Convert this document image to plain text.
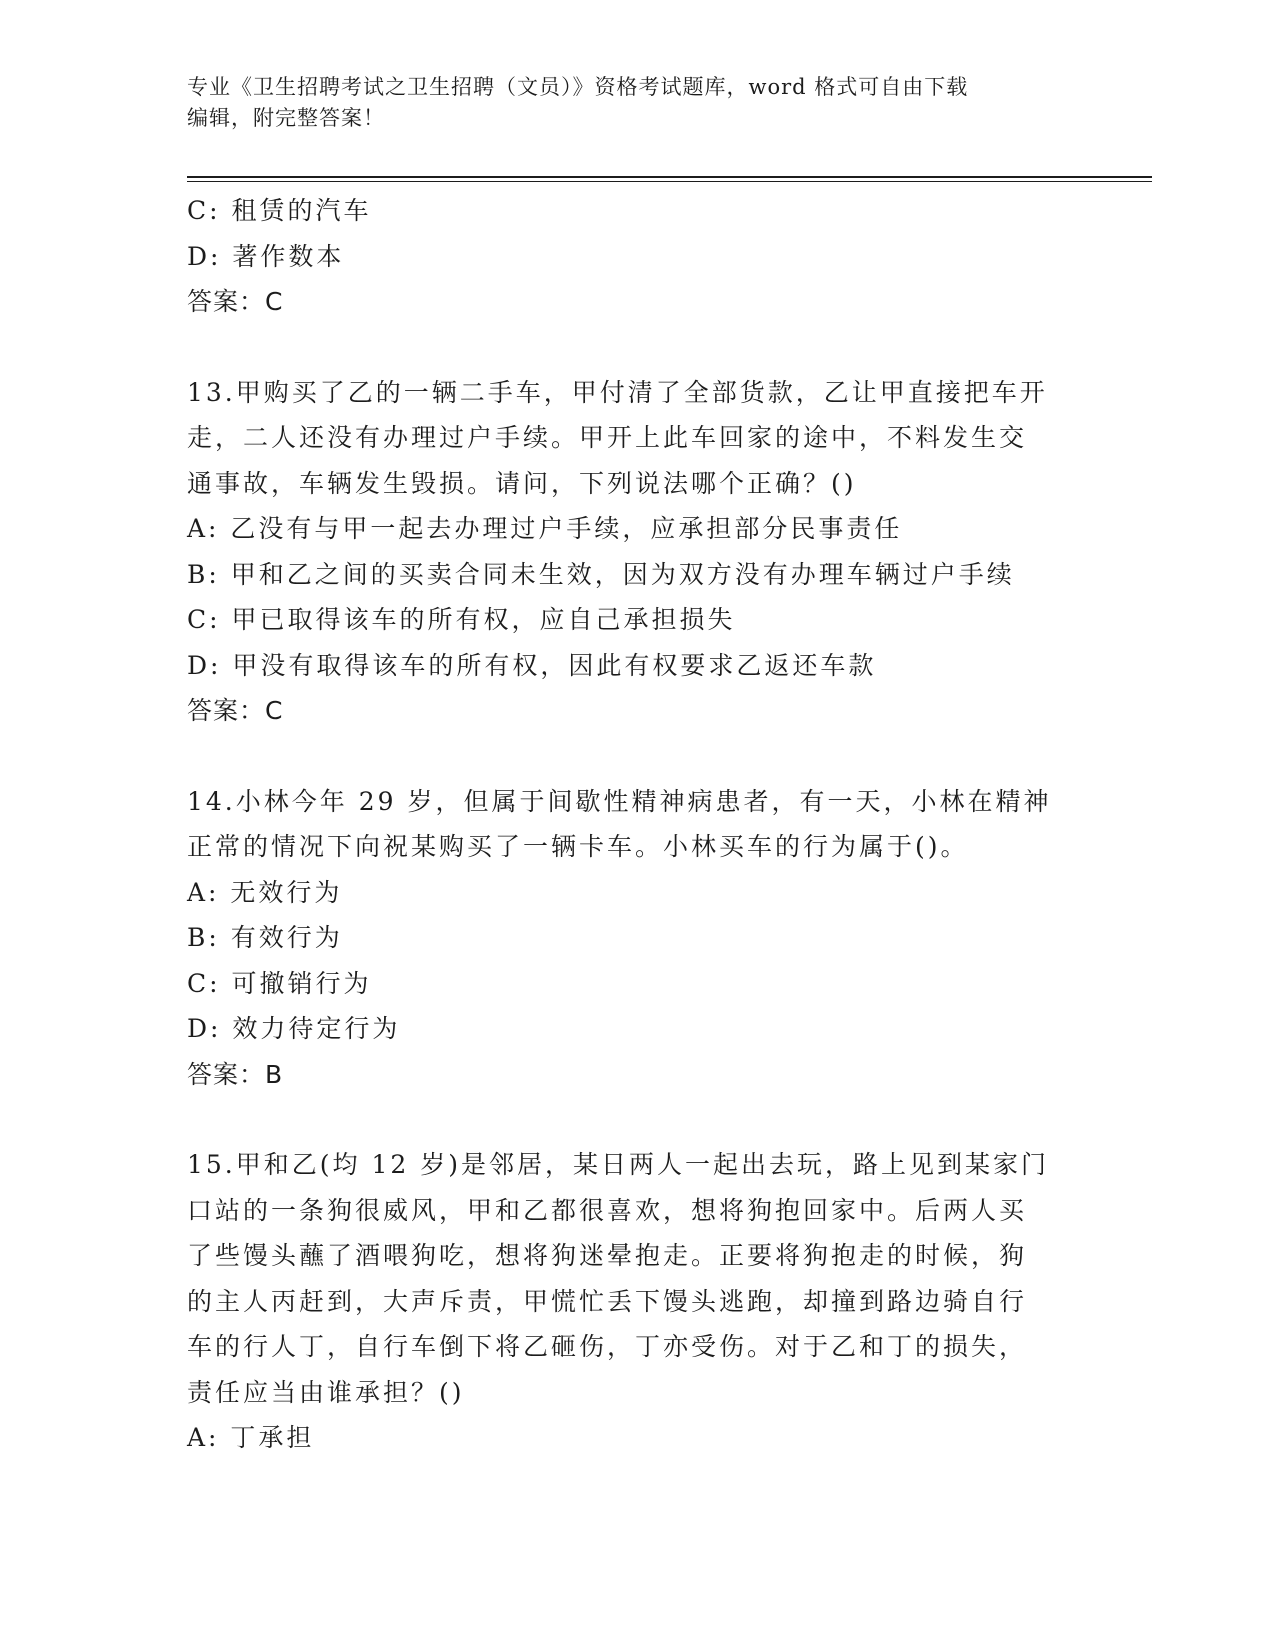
专业《卫生招聘考试之卫生招聘（文员）》资格考试题库，word 格式可自由下载
编辑，附完整答案！
C: 租赁的汽车
D: 著作数本
答案：C
13.甲购买了乙的一辆二手车，甲付清了全部货款，乙让甲直接把车开
走，二人还没有办理过户手续。甲开上此车回家的途中，不料发生交
通事故，车辆发生毁损。请问，下列说法哪个正确？()
A: 乙没有与甲一起去办理过户手续，应承担部分民事责任
B: 甲和乙之间的买卖合同未生效，因为双方没有办理车辆过户手续
C: 甲已取得该车的所有权，应自己承担损失
D: 甲没有取得该车的所有权，因此有权要求乙返还车款
答案：C
14.小林今年 29 岁，但属于间歇性精神病患者，有一天，小林在精神
正常的情况下向祝某购买了一辆卡车。小林买车的行为属于()。
A: 无效行为
B: 有效行为
C: 可撤销行为
D: 效力待定行为
答案：B
15.甲和乙(均 12 岁)是邻居，某日两人一起出去玩，路上见到某家门
口站的一条狗很威风，甲和乙都很喜欢，想将狗抱回家中。后两人买
了些馒头蘸了酒喂狗吃，想将狗迷晕抱走。正要将狗抱走的时候，狗
的主人丙赶到，大声斥责，甲慌忙丢下馒头逃跑，却撞到路边骑自行
车的行人丁，自行车倒下将乙砸伤，丁亦受伤。对于乙和丁的损失，
责任应当由谁承担？()
A: 丁承担
